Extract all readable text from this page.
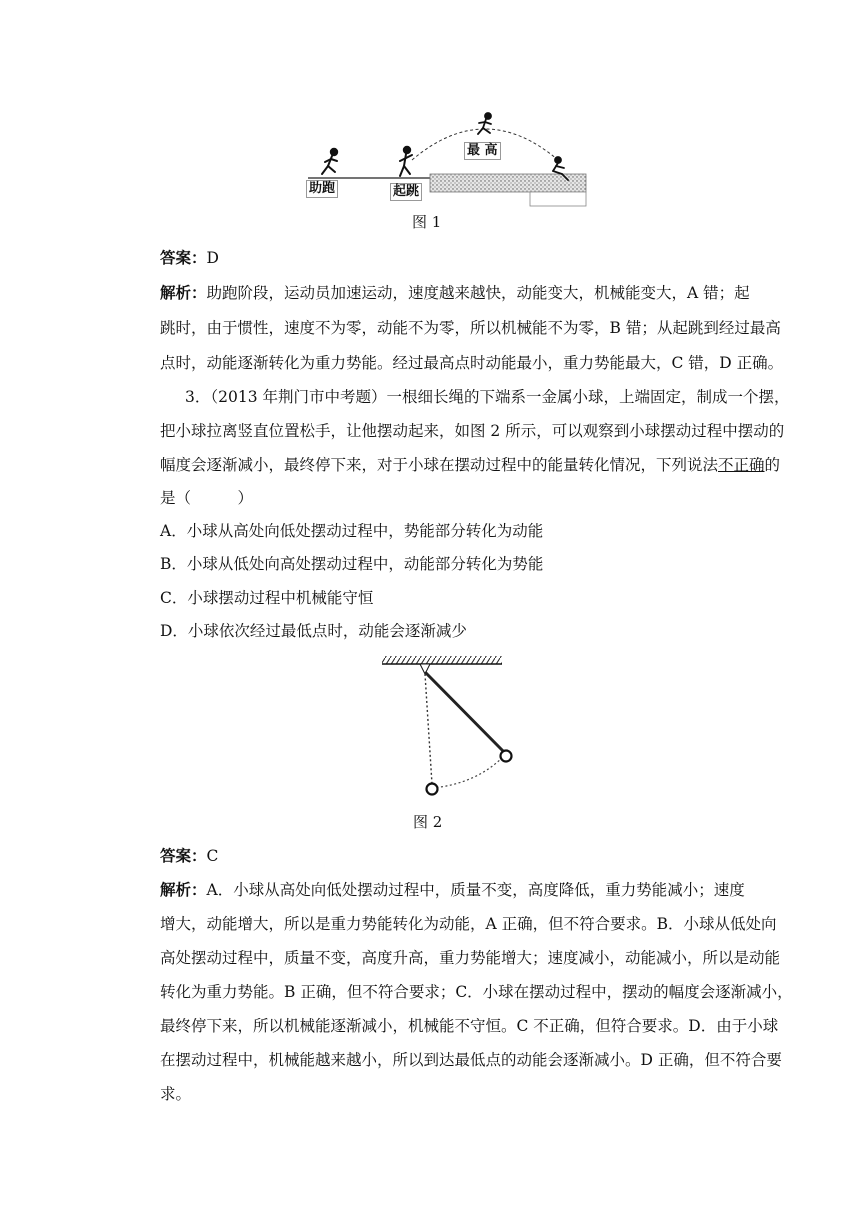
助跑	起跳
最 高
图 1
答案：D
解析：助跑阶段，运动员加速运动，速度越来越快，动能变大，机械能变大，A 错；起
跳时，由于惯性，速度不为零，动能不为零，所以机械能不为零，B 错；从起跳到经过最高
点时，动能逐渐转化为重力势能。经过最高点时动能最小，重力势能最大，C 错，D 正确。
3．（2013 年荆门市中考题）一根细长绳的下端系一金属小球，上端固定，制成一个摆，
把小球拉离竖直位置松手，让他摆动起来，如图 2 所示，可以观察到小球摆动过程中摆动的
幅度会逐渐减小，最终停下来，对于小球在摆动过程中的能量转化情况，下列说法不正确的
是（　　　）
A．小球从高处向低处摆动过程中，势能部分转化为动能
B．小球从低处向高处摆动过程中，动能部分转化为势能
C．小球摆动过程中机械能守恒
D．小球依次经过最低点时，动能会逐渐减少
图 2
答案：C
解析：A．小球从高处向低处摆动过程中，质量不变，高度降低，重力势能减小；速度
增大，动能增大，所以是重力势能转化为动能，A 正确，但不符合要求。B．小球从低处向
高处摆动过程中，质量不变，高度升高，重力势能增大；速度减小，动能减小，所以是动能
转化为重力势能。B 正确，但不符合要求；C．小球在摆动过程中，摆动的幅度会逐渐减小，
最终停下来，所以机械能逐渐减小，机械能不守恒。C 不正确，但符合要求。D．由于小球
在摆动过程中，机械能越来越小，所以到达最低点的动能会逐渐减小。D 正确，但不符合要
求。
